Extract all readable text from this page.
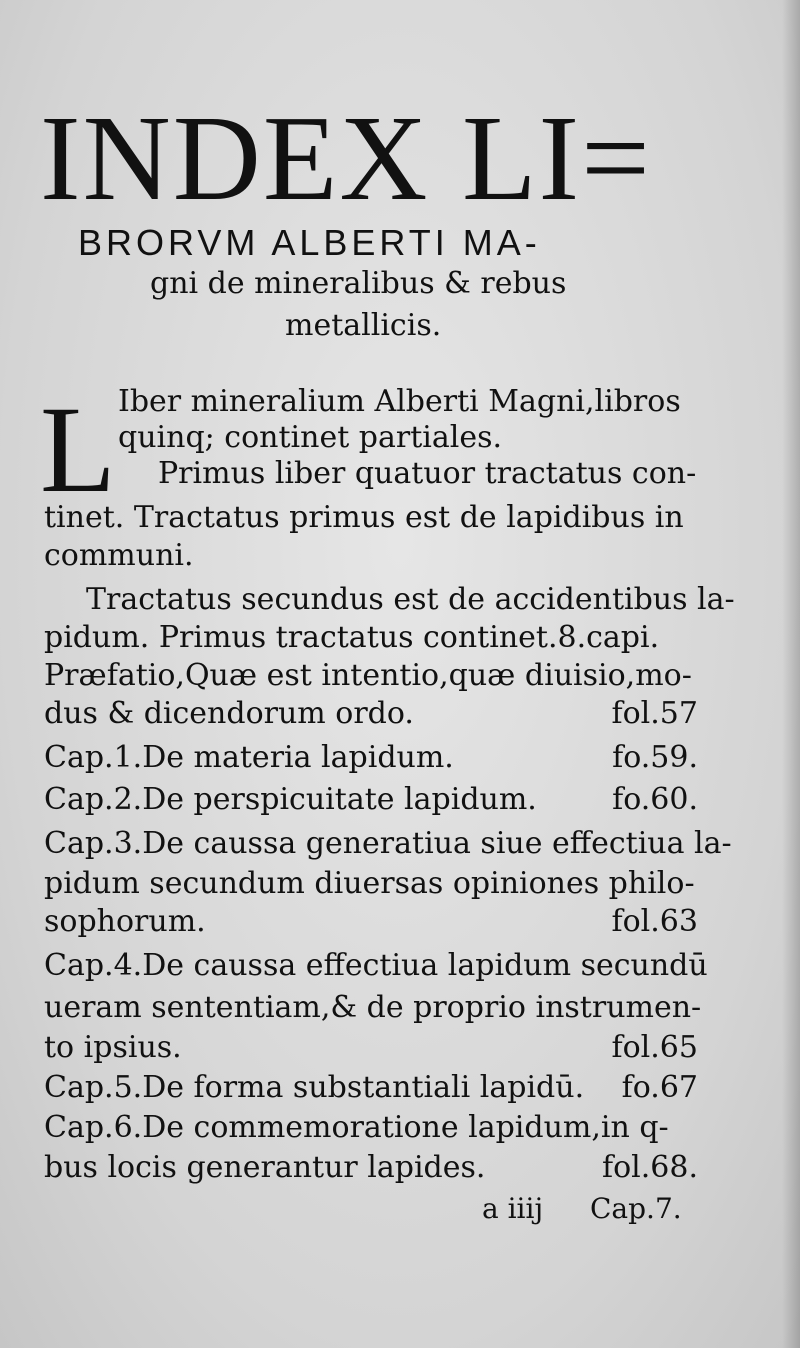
INDEX LI=
BRORVM ALBERTI MA-
gni de mineralibus & rebus
metallicis.
L Iber mineralium Alberti Magni,libros
quinq; continet partiales.
Primus liber quatuor tractatus con-
tinet. Tractatus primus est de lapidibus in
communi.
Tractatus secundus est de accidentibus la-
pidum. Primus tractatus continet.8.capi.
Præfatio,Quæ est intentio,quæ diuisio,mo-
dus & dicendorum ordo.	fol.57
Cap.1.De materia lapidum.	fo.59.
Cap.2.De perspicuitate lapidum.	fo.60.
Cap.3.De caussa generatiua siue effectiua la-
pidum secundum diuersas opiniones philo-
sophorum.	fol.63
Cap.4.De caussa effectiua lapidum secundū
ueram sententiam,& de proprio instrumen-
to ipsius.	fol.65
Cap.5.De forma substantiali lapidū. fo.67
Cap.6.De commemoratione lapidum,in q-
bus locis generantur lapides.	fol.68.
a iiij Cap.7.
